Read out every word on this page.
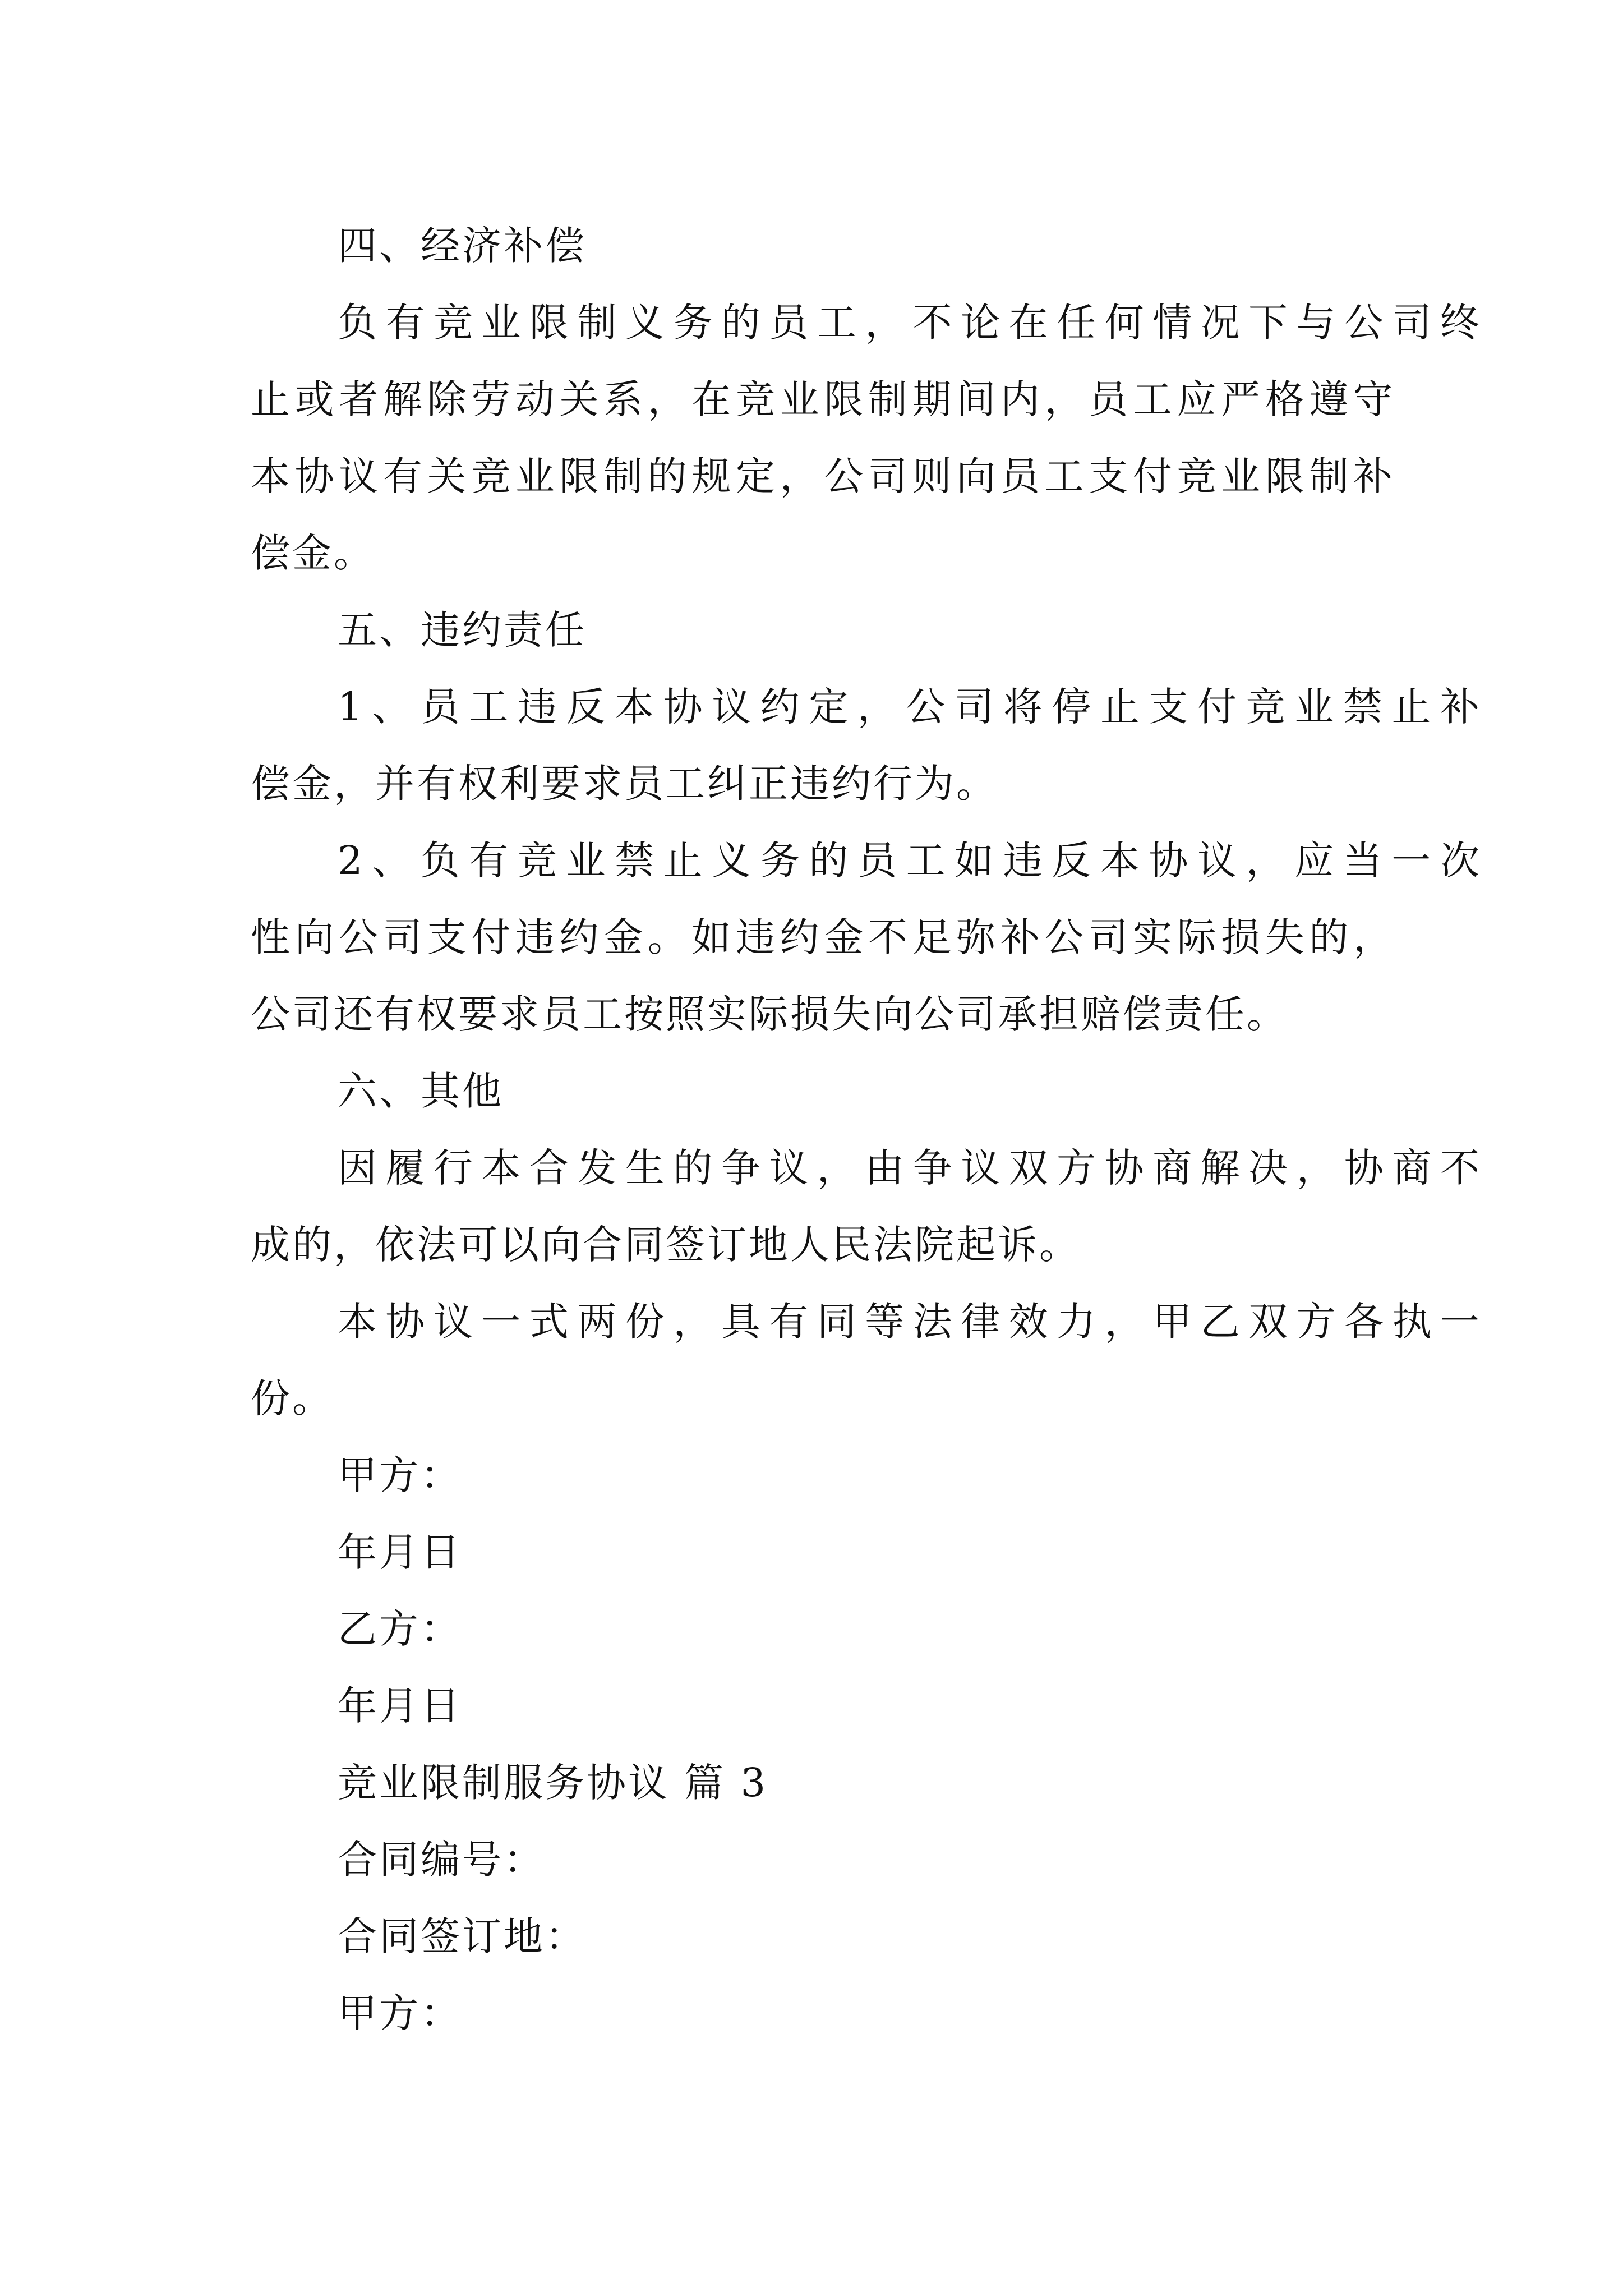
四、经济补偿
负有竞业限制义务的员工，不论在任何情况下与公司终
止或者解除劳动关系，在竞业限制期间内，员工应严格遵守
本协议有关竞业限制的规定，公司则向员工支付竞业限制补
偿金。
五、违约责任
1、员工违反本协议约定，公司将停止支付竞业禁止补
偿金，并有权利要求员工纠正违约行为。
2、负有竞业禁止义务的员工如违反本协议，应当一次
性向公司支付违约金。如违约金不足弥补公司实际损失的，
公司还有权要求员工按照实际损失向公司承担赔偿责任。
六、其他
因履行本合发生的争议，由争议双方协商解决，协商不
成的，依法可以向合同签订地人民法院起诉。
本协议一式两份，具有同等法律效力，甲乙双方各执一
份。
甲方：
年月日
乙方：
年月日
竞业限制服务协议 篇 3
合同编号：
合同签订地：
甲方：
